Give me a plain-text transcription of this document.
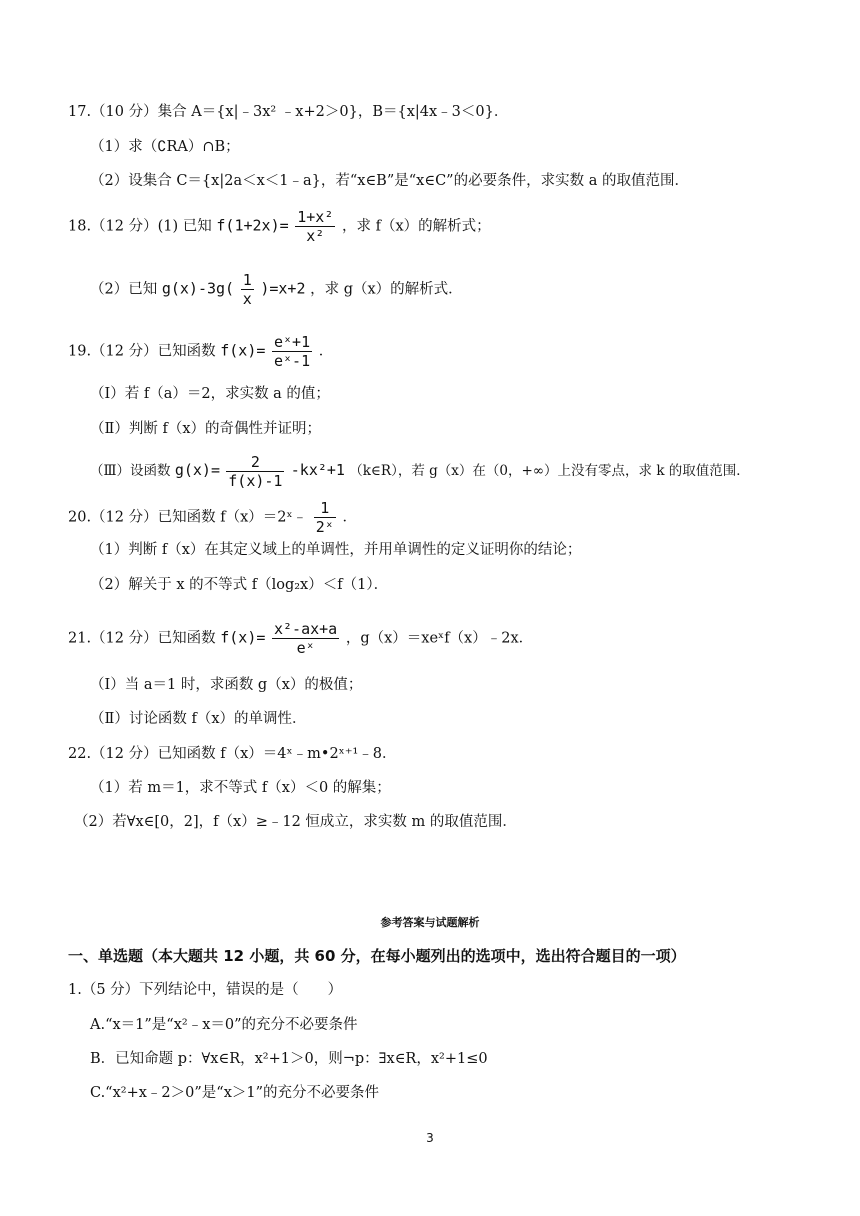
17.（10 分）集合 A＝{x|﹣3x² ﹣x+2＞0}，B＝{x|4x﹣3＜0}．
（1）求（∁RA）∩B；
（2）设集合 C＝{x|2a＜x＜1﹣a}，若“x∈B”是“x∈C”的必要条件，求实数 a 的取值范围．
18.（12 分）(1) 已知 $f(1+2x)= \frac{\text{1+x²}}{\text{x²}}$ ，求 f（x）的解析式；
（2）已知 $g(x)-3g( \frac{1}{x} )=x+2$ ，求 g（x）的解析式．
19.（12 分）已知函数 $f(x)= \frac{\text{eˣ+1}}{\text{eˣ-1}}$ ．
（Ⅰ）若 f（a）＝2，求实数 a 的值；
（Ⅱ）判断 f（x）的奇偶性并证明；
（Ⅲ）设函数 $g(x)= \frac{2}{f(x)-1} -kx^2+1$ （k∈R），若 g（x）在（0，+∞）上没有零点，求 k 的取值范围．
20.（12 分）已知函数 f（x）＝2ˣ﹣ $\frac{1}{\text{2ˣ}}$ ．
（1）判断 f（x）在其定义域上的单调性，并用单调性的定义证明你的结论；
（2）解关于 x 的不等式 f（log₂x）＜f（1）．
21.（12 分）已知函数 $f(x)= \frac{\text{x²-ax+a}}{\text{eˣ}}$ ，g（x）＝xeˣf（x）﹣2x．
（Ⅰ）当 a＝1 时，求函数 g（x）的极值；
（Ⅱ）讨论函数 f（x）的单调性．
22.（12 分）已知函数 f（x）＝4ˣ﹣m•2ˣ⁺¹﹣8．
（1）若 m＝1，求不等式 f（x）＜0 的解集；
（2）若∀x∈[0，2]，f（x）≥﹣12 恒成立，求实数 m 的取值范围．
参考答案与试题解析
一、单选题（本大题共 12 小题，共 60 分，在每小题列出的选项中，选出符合题目的一项）
1.（5 分）下列结论中，错误的是（　　）
A.“x＝1”是“x²﹣x＝0”的充分不必要条件
B．已知命题 p：∀x∈R，x²+1＞0，则¬p：∃x∈R，x²+1≤0
C.“x²+x﹣2＞0”是“x＞1”的充分不必要条件
3
